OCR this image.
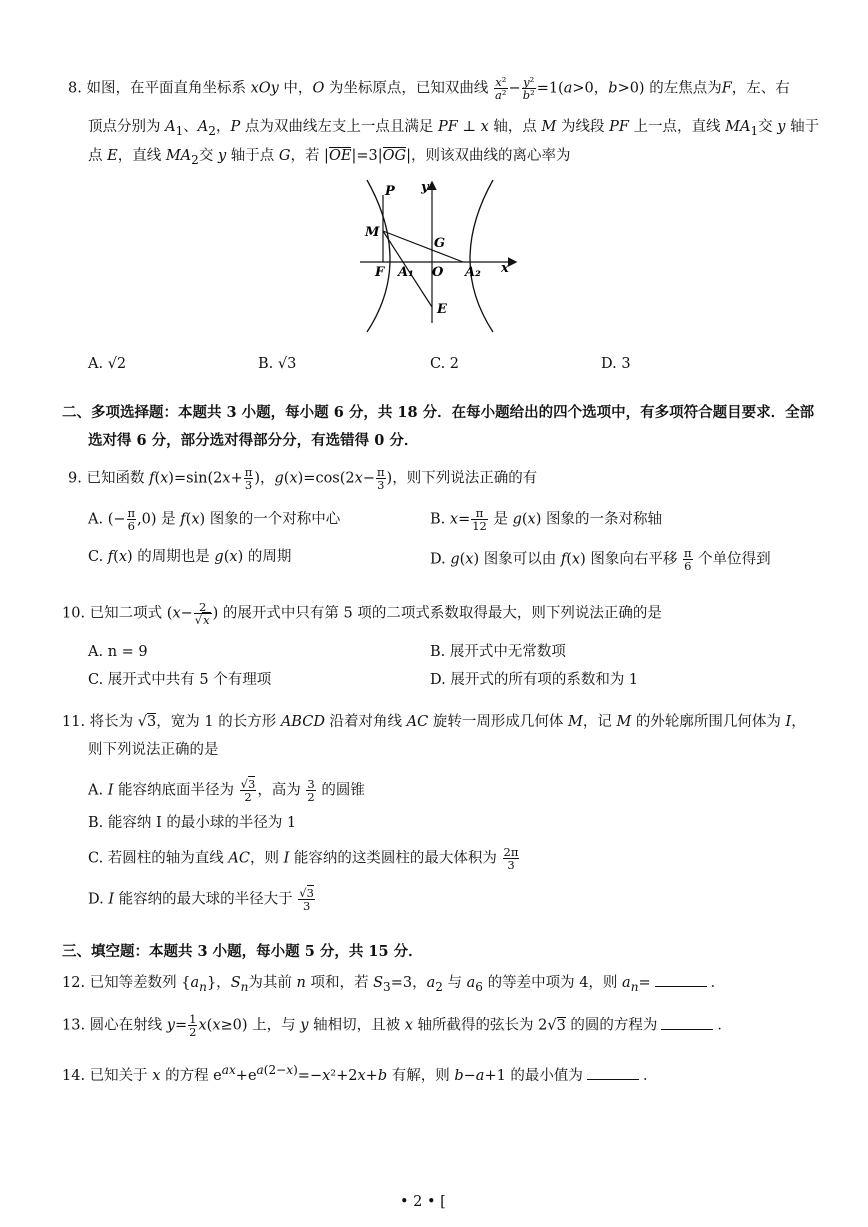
8. 如图，在平面直角坐标系 xOy 中，O 为坐标原点，已知双曲线 $\frac{\text{x²}}{\text{a²}} - \frac{\text{y²}}{\text{b²}} =1(a>0$，b>0) 的左焦点为F，左、右
顶点分别为 $A_1$、$A_2$，P 点为双曲线左支上一点且满足 PF ⊥ x 轴，点 M 为线段 PF 上一点，直线 $MA_1$交 y 轴于
点 E，直线 $MA_2$交 y 轴于点 G，若 |OE|=3|OG|，则该双曲线的离心率为
P
M
G
F A₁ O A₂ x
y
E
A. √2	B. √3	C. 2	D. 3
二、多项选择题：本题共 3 小题，每小题 6 分，共 18 分．在每小题给出的四个选项中，有多项符合题目要求．全部
选对得 6 分，部分选对得部分分，有选错得 0 分．
9. 已知函数 $f(x)=\sin(2x+ \frac{\pi}{3}$ )，$g(x)=\cos(2x- \frac{\pi}{3}$ )，则下列说法正确的有
A. (− $\frac{\pi}{6} ,0$) 是 f(x) 图象的一个对称中心	B. $x= \frac{\pi}{12}$ 是 g(x) 图象的一条对称轴
C. f(x) 的周期也是 g(x) 的周期	D. g(x) 图象可以由 f(x) 图象向右平移 $\frac{\pi}{6}$ 个单位得到
10. 已知二项式 ($x- \frac{2}{√x}$ ) 的展开式中只有第 5 项的二项式系数取得最大，则下列说法正确的是
A. n = 9	B. 展开式中无常数项
C. 展开式中共有 5 个有理项	D. 展开式的所有项的系数和为 1
11. 将长为 √3，宽为 1 的长方形 ABCD 沿着对角线 AC 旋转一周形成几何体 M，记 M 的外轮廓所围几何体为 I，
则下列说法正确的是
A. I 能容纳底面半径为 $\frac{√3}{2}$ ，高为 $\frac{3}{2}$ 的圆锥
B. 能容纳 I 的最小球的半径为 1
C. 若圆柱的轴为直线 AC，则 I 能容纳的这类圆柱的最大体积为 $\frac{2\pi}{3}$
D. I 能容纳的最大球的半径大于 $\frac{√3}{3}$
三、填空题：本题共 3 小题，每小题 5 分，共 15 分．
12. 已知等差数列 $\{a_n\}$，$S_n$为其前 n 项和，若 $S_3=3$，$a_2$ 与 $a_6$ 的等差中项为 4，则 $a_n=$	．
13. 圆心在射线 $y= \frac{1}{2} x(x\ge 0)$ 上，与 y 轴相切，且被 x 轴所截得的弦长为 2√3 的圆的方程为	．
14. 已知关于 x 的方程 $e^{ax}+e^{a(2-x)}=-x^2+2x+b$ 有解，则 b−a+1 的最小值为	．
• 2 • [
